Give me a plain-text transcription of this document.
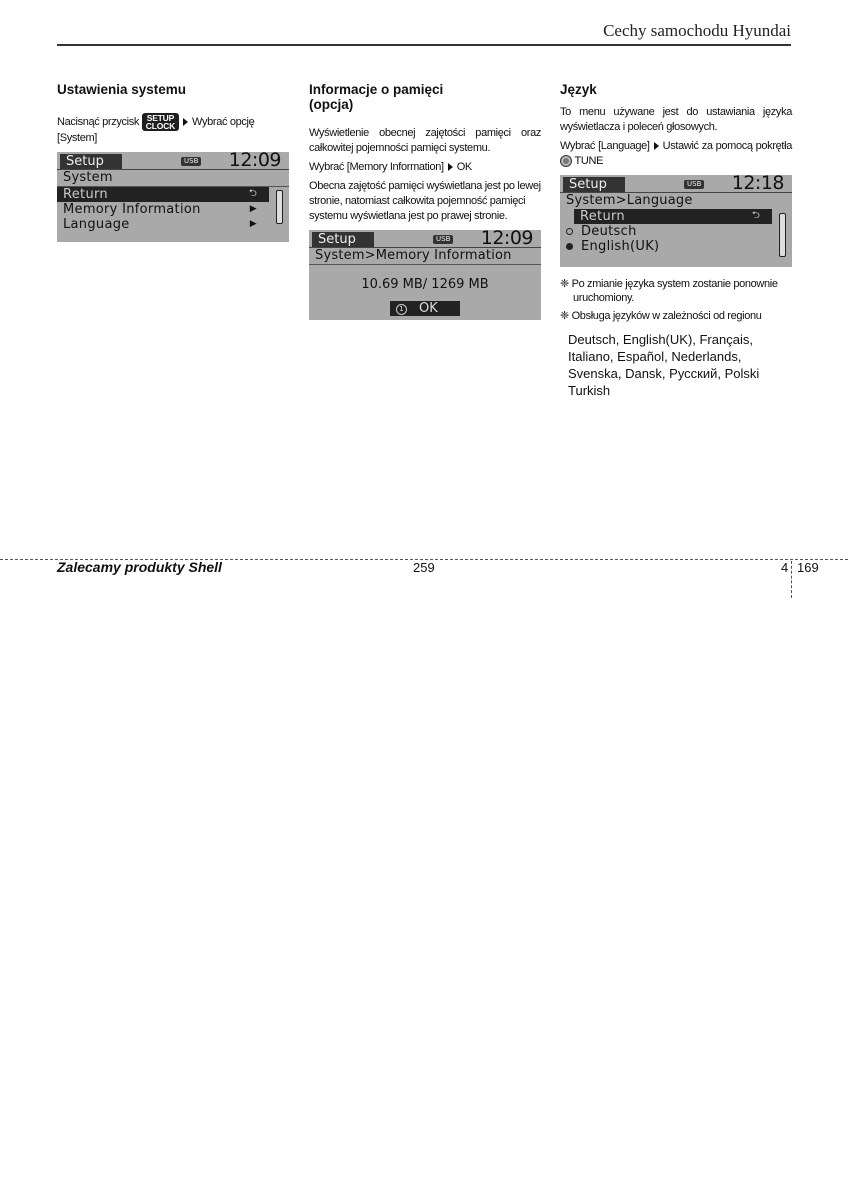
Cechy samochodu Hyundai
Ustawienia systemu

Nacisnąć przycisk SETUP
CLOCK Wybrać opcję [System]

Setup	USB 12:09
System
Return	⮌
Memory Information	▶
Language	▶
Informacje o pamięci
(opcja)

Wyświetlenie obecnej zajętości pamięci oraz całkowitej pojemności pamięci systemu.

Wybrać [Memory Information] OK

Obecna zajętość pamięci wyświetlana jest po lewej stronie, natomiast całkowita pojemność pamięci systemu wyświetlana jest po prawej stronie.

Setup	USB 12:09
System>Memory Information
10.69 MB/ 1269 MB
1 OK
Język

To menu używane jest do ustawiania języka wyświetlacza i poleceń głosowych.

Wybrać [Language] Ustawić za pomocą pokrętła  TUNE

Setup	USB 12:18
System>Language
Return	⮌
Deutsch
English(UK)

❈ Po zmianie języka system zostanie ponownie uruchomiony.

❈ Obsługa języków w zależności od regionu

Deutsch, English(UK), Français,
Italiano, Español, Nederlands,
Svenska, Dansk, Русский, Polski
Turkish
Zalecamy produkty Shell	259	4 169
